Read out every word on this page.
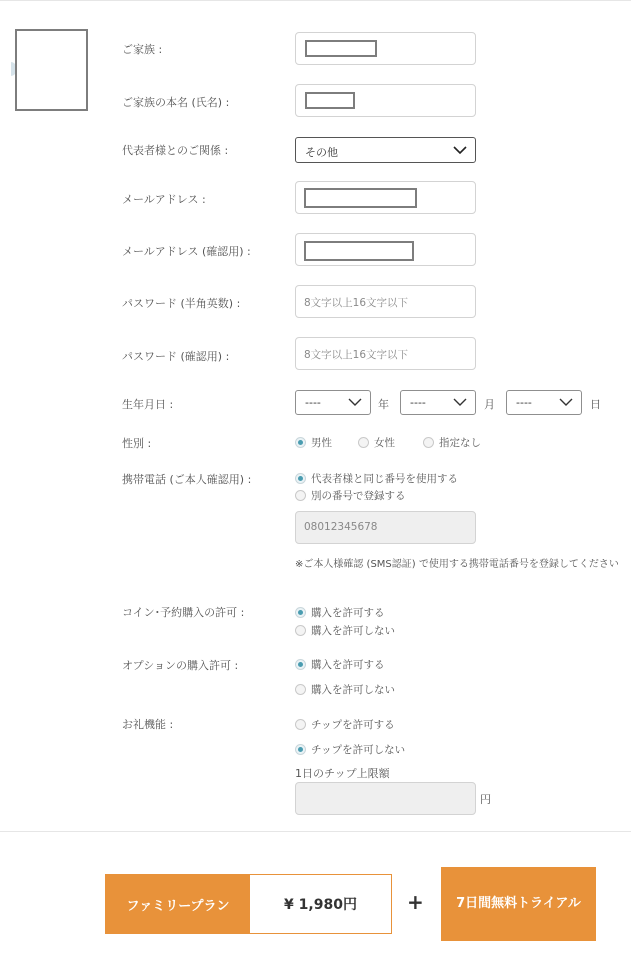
ご家族 :
ご家族の本名 (氏名) :
代表者様とのご関係 :	その他
メールアドレス :
メールアドレス (確認用) :
パスワード (半角英数) :	8文字以上16文字以下
パスワード (確認用) :	8文字以上16文字以下
生年月日 :	----	年 ----	月 ----	日
性別 :	男性	女性	指定なし
携帯電話 (ご本人確認用) :	代表者様と同じ番号を使用する
別の番号で登録する
08012345678
※ご本人様確認 (SMS認証) で使用する携帯電話番号を登録してください
コイン･予約購入の許可 :	購入を許可する
購入を許可しない
オプションの購入許可 :	購入を許可する
購入を許可しない
お礼機能 :	チップを許可する
チップを許可しない
1日のチップ上限額
円
ファミリープラン	¥ 1,980円	+	7日間無料トライアル
